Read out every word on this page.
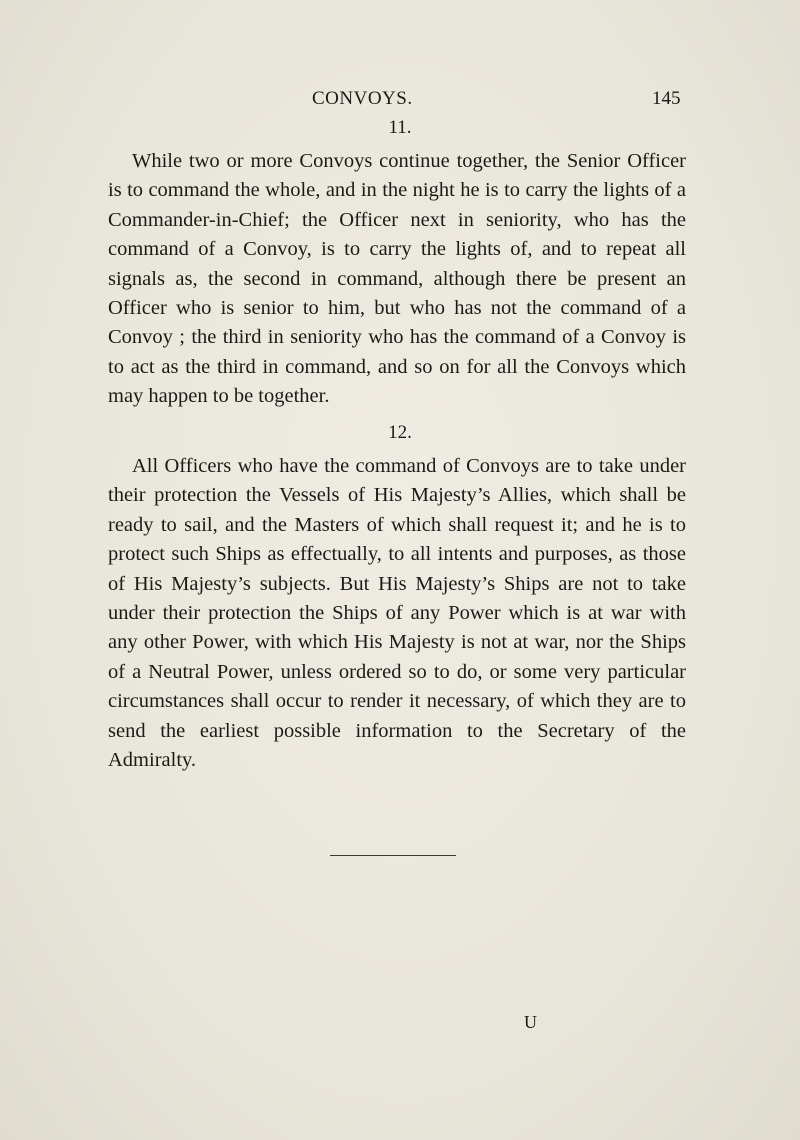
CONVOYS.	145
11.

While two or more Convoys continue together, the Senior Officer is to command the whole, and in the night he is to carry the lights of a Commander-in-Chief; the Officer next in seniority, who has the command of a Convoy, is to carry the lights of, and to repeat all signals as, the second in command, although there be present an Officer who is senior to him, but who has not the command of a Convoy ; the third in seniority who has the command of a Convoy is to act as the third in command, and so on for all the Convoys which may happen to be together.

12.

All Officers who have the command of Convoys are to take under their protection the Vessels of His Majesty’s Allies, which shall be ready to sail, and the Masters of which shall request it; and he is to protect such Ships as effectually, to all intents and purposes, as those of His Majesty’s subjects. But His Majesty’s Ships are not to take under their protection the Ships of any Power which is at war with any other Power, with which His Majesty is not at war, nor the Ships of a Neutral Power, unless ordered so to do, or some very particular circumstances shall occur to render it necessary, of which they are to send the earliest possible information to the Secretary of the Admiralty.

U
